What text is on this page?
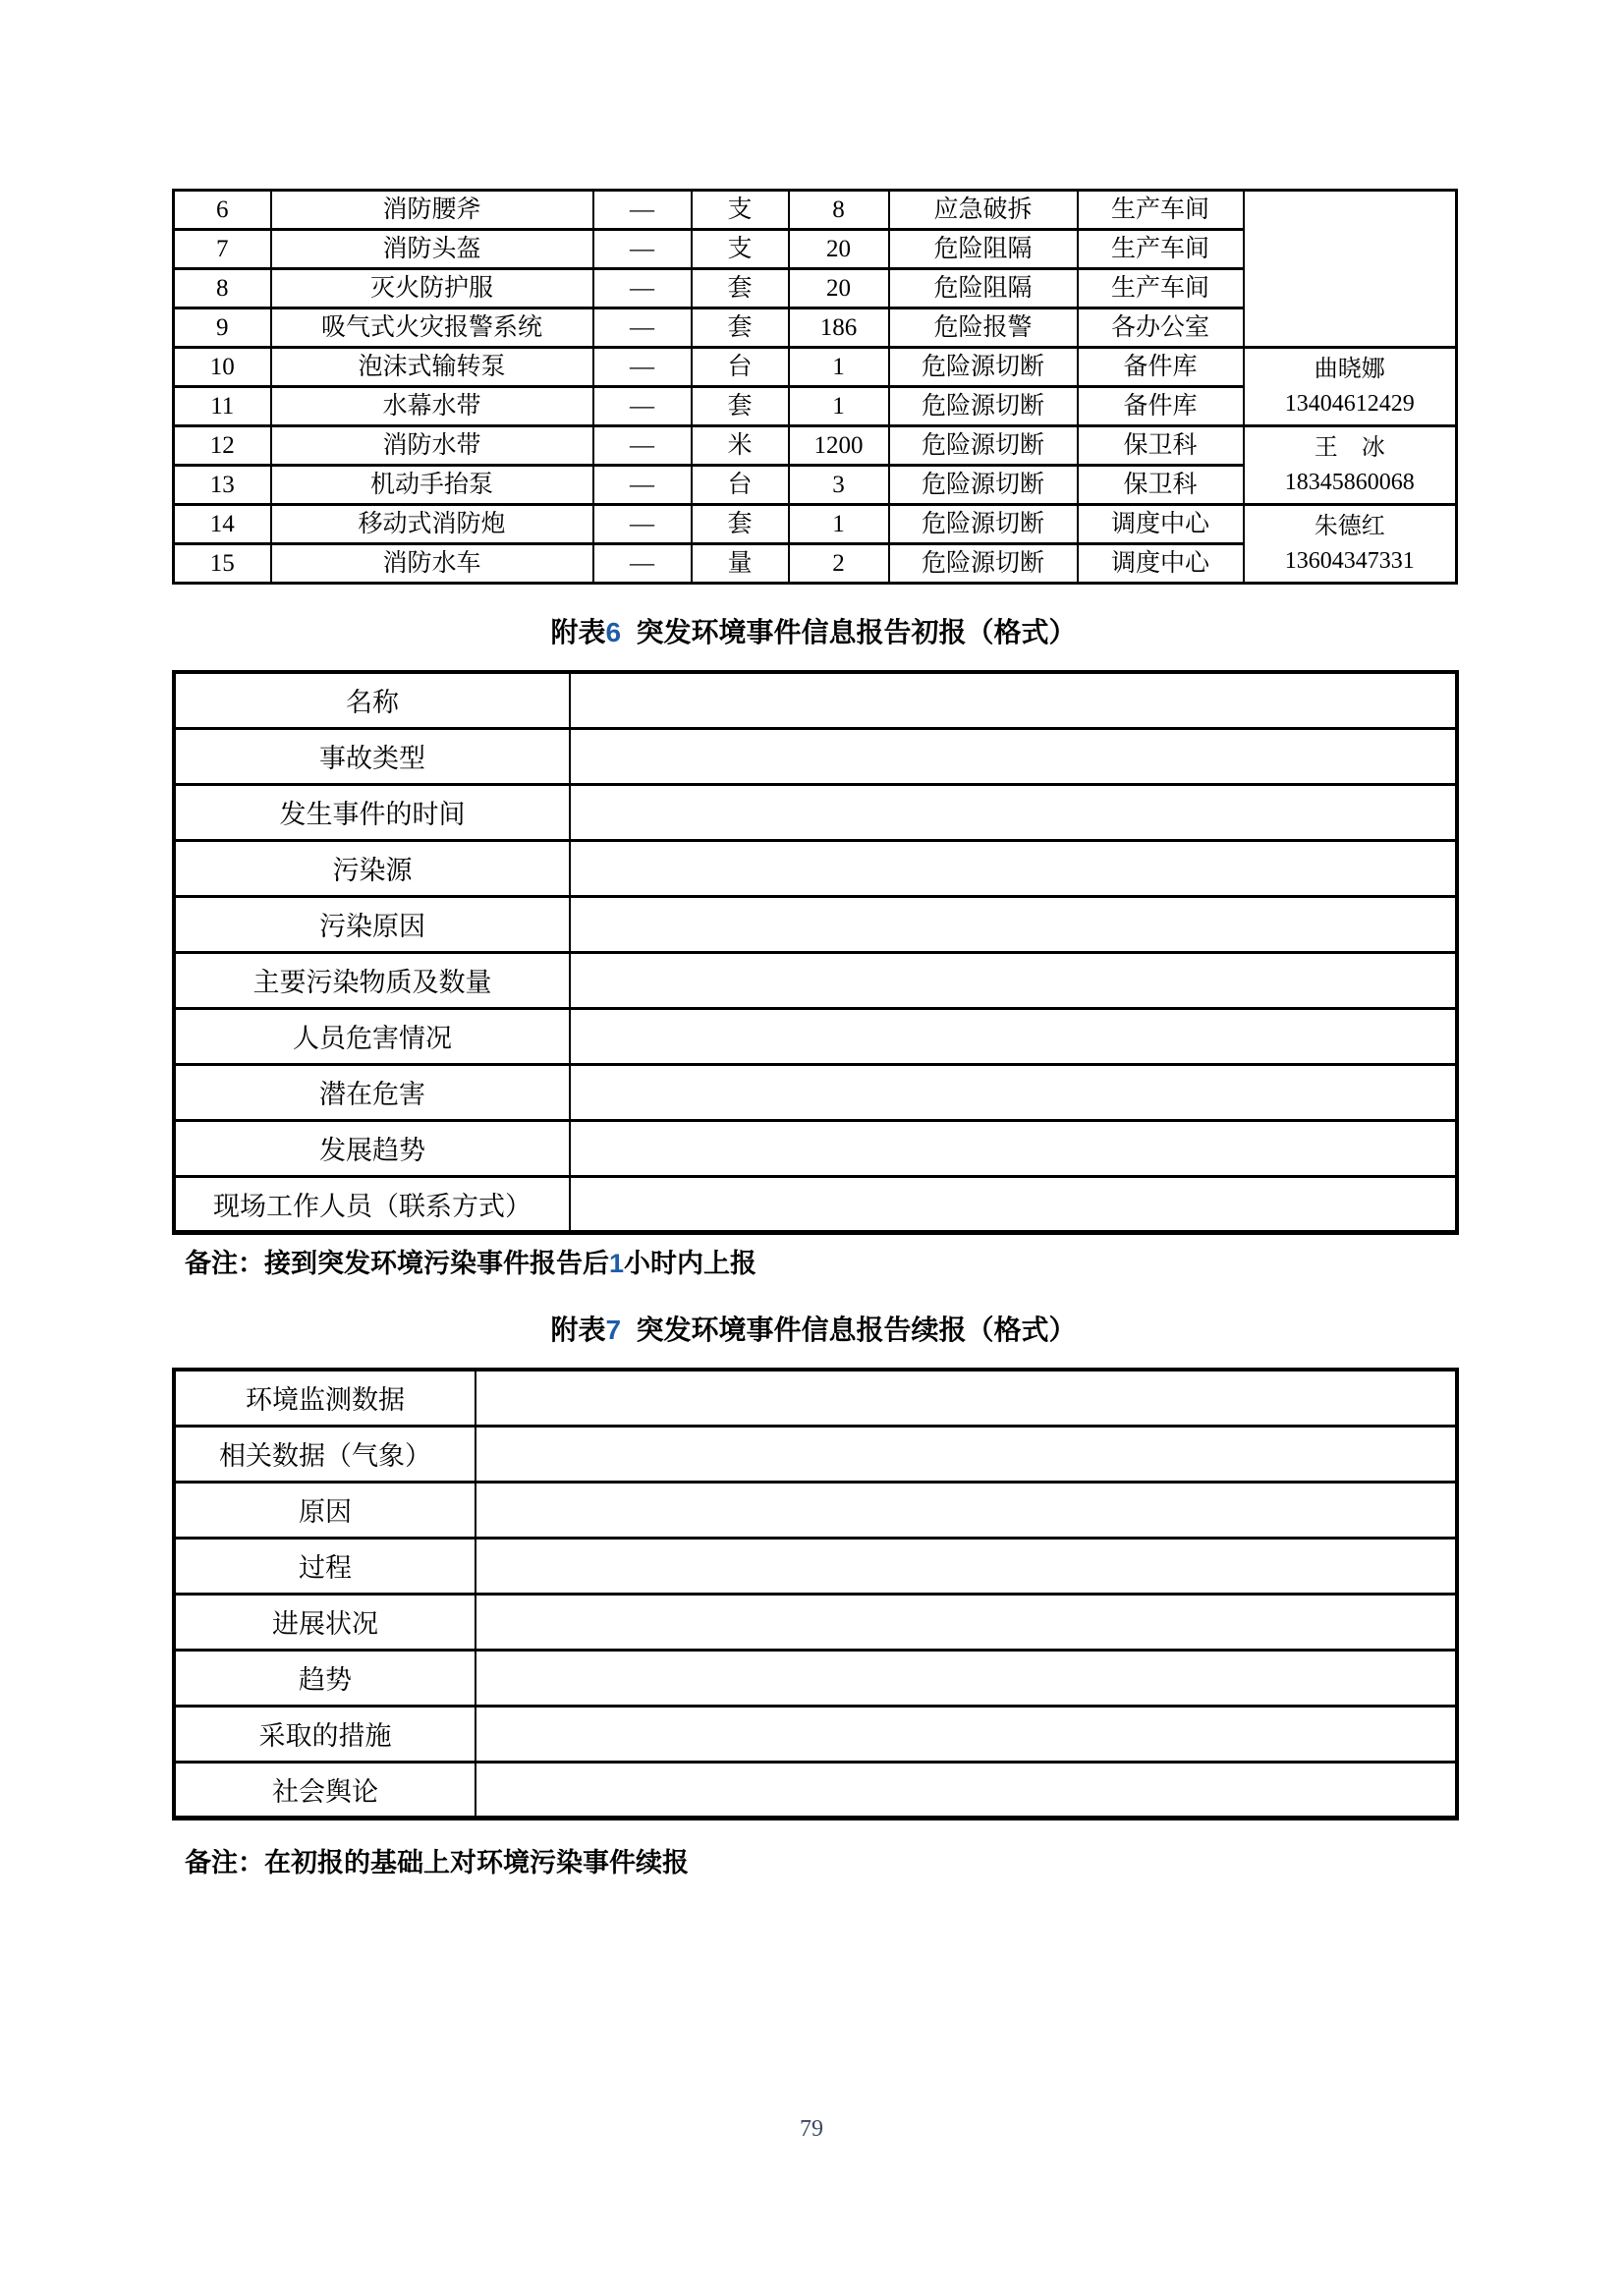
6	消防腰斧	—	支	8	应急破拆	生产车间	
7	消防头盔	—	支	20	危险阻隔	生产车间	
8	灭火防护服	—	套	20	危险阻隔	生产车间	
9	吸气式火灾报警系统	—	套	186	危险报警	各办公室	
10	泡沫式输转泵	—	台	1	危险源切断	备件库	曲晓娜
13404612429

11	水幕水带	—	套	1	危险源切断	备件库	
12	消防水带	—	米	1200	危险源切断	保卫科	王　冰
18345860068

13	机动手抬泵	—	台	3	危险源切断	保卫科	
14	移动式消防炮	—	套	1	危险源切断	调度中心	朱德红
13604347331

15	消防水车	—	量	2	危险源切断	调度中心	
附表6 突发环境事件信息报告初报（格式）
名称	
事故类型	
发生事件的时间	
污染源	
污染原因	
主要污染物质及数量	
人员危害情况	
潜在危害	
发展趋势	
现场工作人员（联系方式）	
备注：接到突发环境污染事件报告后1小时内上报
附表7 突发环境事件信息报告续报（格式）
环境监测数据	
相关数据（气象）	
原因	
过程	
进展状况	
趋势	
采取的措施	
社会舆论	
备注：在初报的基础上对环境污染事件续报
79
